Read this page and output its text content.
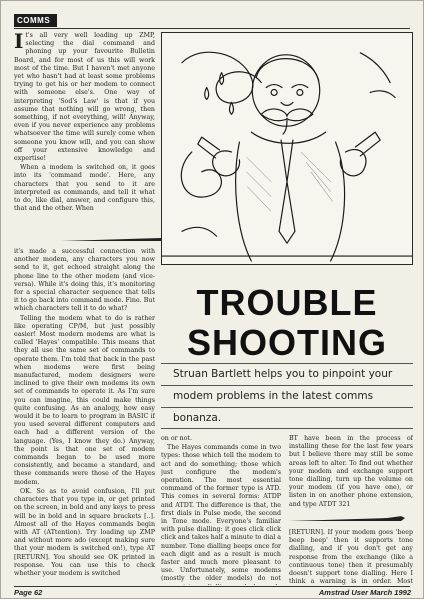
COMMS

It's all very well loading up ZMP, selecting the dial command and phoning up your favourite Bulletin Board, and for most of us this will work most of the time. But I haven't met anyone yet who hasn't had at least some problems trying to get his or her modem to connect with someone else's. One way of interpreting 'Sod's Law' is that if you assume that nothing will go wrong, then something, if not everything, will! Anyway, even if you never experience any problems whatsoever the time will surely come when someone you know will, and you can show off your extensive knowledge and expertise!

When a modem is switched on, it goes into its 'command mode'. Here, any characters that you send to it are interpreted as commands, and tell it what to do, like dial, answer, and configure this, that and the other. When

it's made a successful connection with another modem, any characters you now send to it, get echoed straight along the phone line to the other modem (and vice-versa). While it's doing this, it's monitoring for a special character sequence that tells it to go back into command mode. Fine. But which characters tell it to do what?

Telling the modem what to do is rather like operating CP/M, but just possibly easier! Most modern modems are what is called 'Hayes' compatible. This means that they all use the same set of commands to operate them. I'm told that back in the past when modems were first being manufactured, modem designers were inclined to give their own modems its own set of commands to operate it. As I'm sure you can imagine, this could make things quite confusing. As an analogy, how easy would it be to learn to program in BASIC if you used several different computers and each had a different version of the language. (Yes, I know they do.) Anyway, the point is that one set of modem commands began to be used more consistently, and became a standard, and these commands were those of the Hayes modem.

OK. So as to avoid confusion, I'll put characters that you type in, or get printed on the screen, in bold and any keys to press will be in bold and in square brackets [..]. Almost all of the Hayes commands begin with AT (ATtention). Try loading up ZMP and without more ado (except making sure that your modem is switched on!), type AT [RETURN]. You should see OK printed in response. You can use this to check whether your modem is switched

TROUBLE
SHOOTING
Struan Bartlett helps you to pinpoint your
modem problems in the latest comms
bonanza.

on or not.

The Hayes commands come in two types: those which tell the modem to act and do something; those which just configure the modem's operation. The most essential command of the former type is ATD. This comes in several forms: ATDP and ATDT. The difference is that, the first dials in Pulse mode, the second in Tone mode. Everyone's familiar with pulse dialling: it goes click click click and takes half a minute to dial a number. Tone dialling beeps once for each digit and as a result is much faster and much more pleasant to use. Unfortunately, some modems (mostly the older models) do not

BT have been in the process of installing these for the last few years but I believe there may still be some areas left to alter. To find out whether your modem and exchange support tone dialling, turn up the volume on your modem (if you have one), or listen in on another phone extension, and type ATDT 321

[RETURN]. If your modem goes 'beep beep beep' then it supports tone dialling, and if you don't get any response from the exchange (like a continuous tone) then it presumably doesn't support tone dialling. Here I think a warning is in order. Most

Page 62	Amstrad User March 1992
